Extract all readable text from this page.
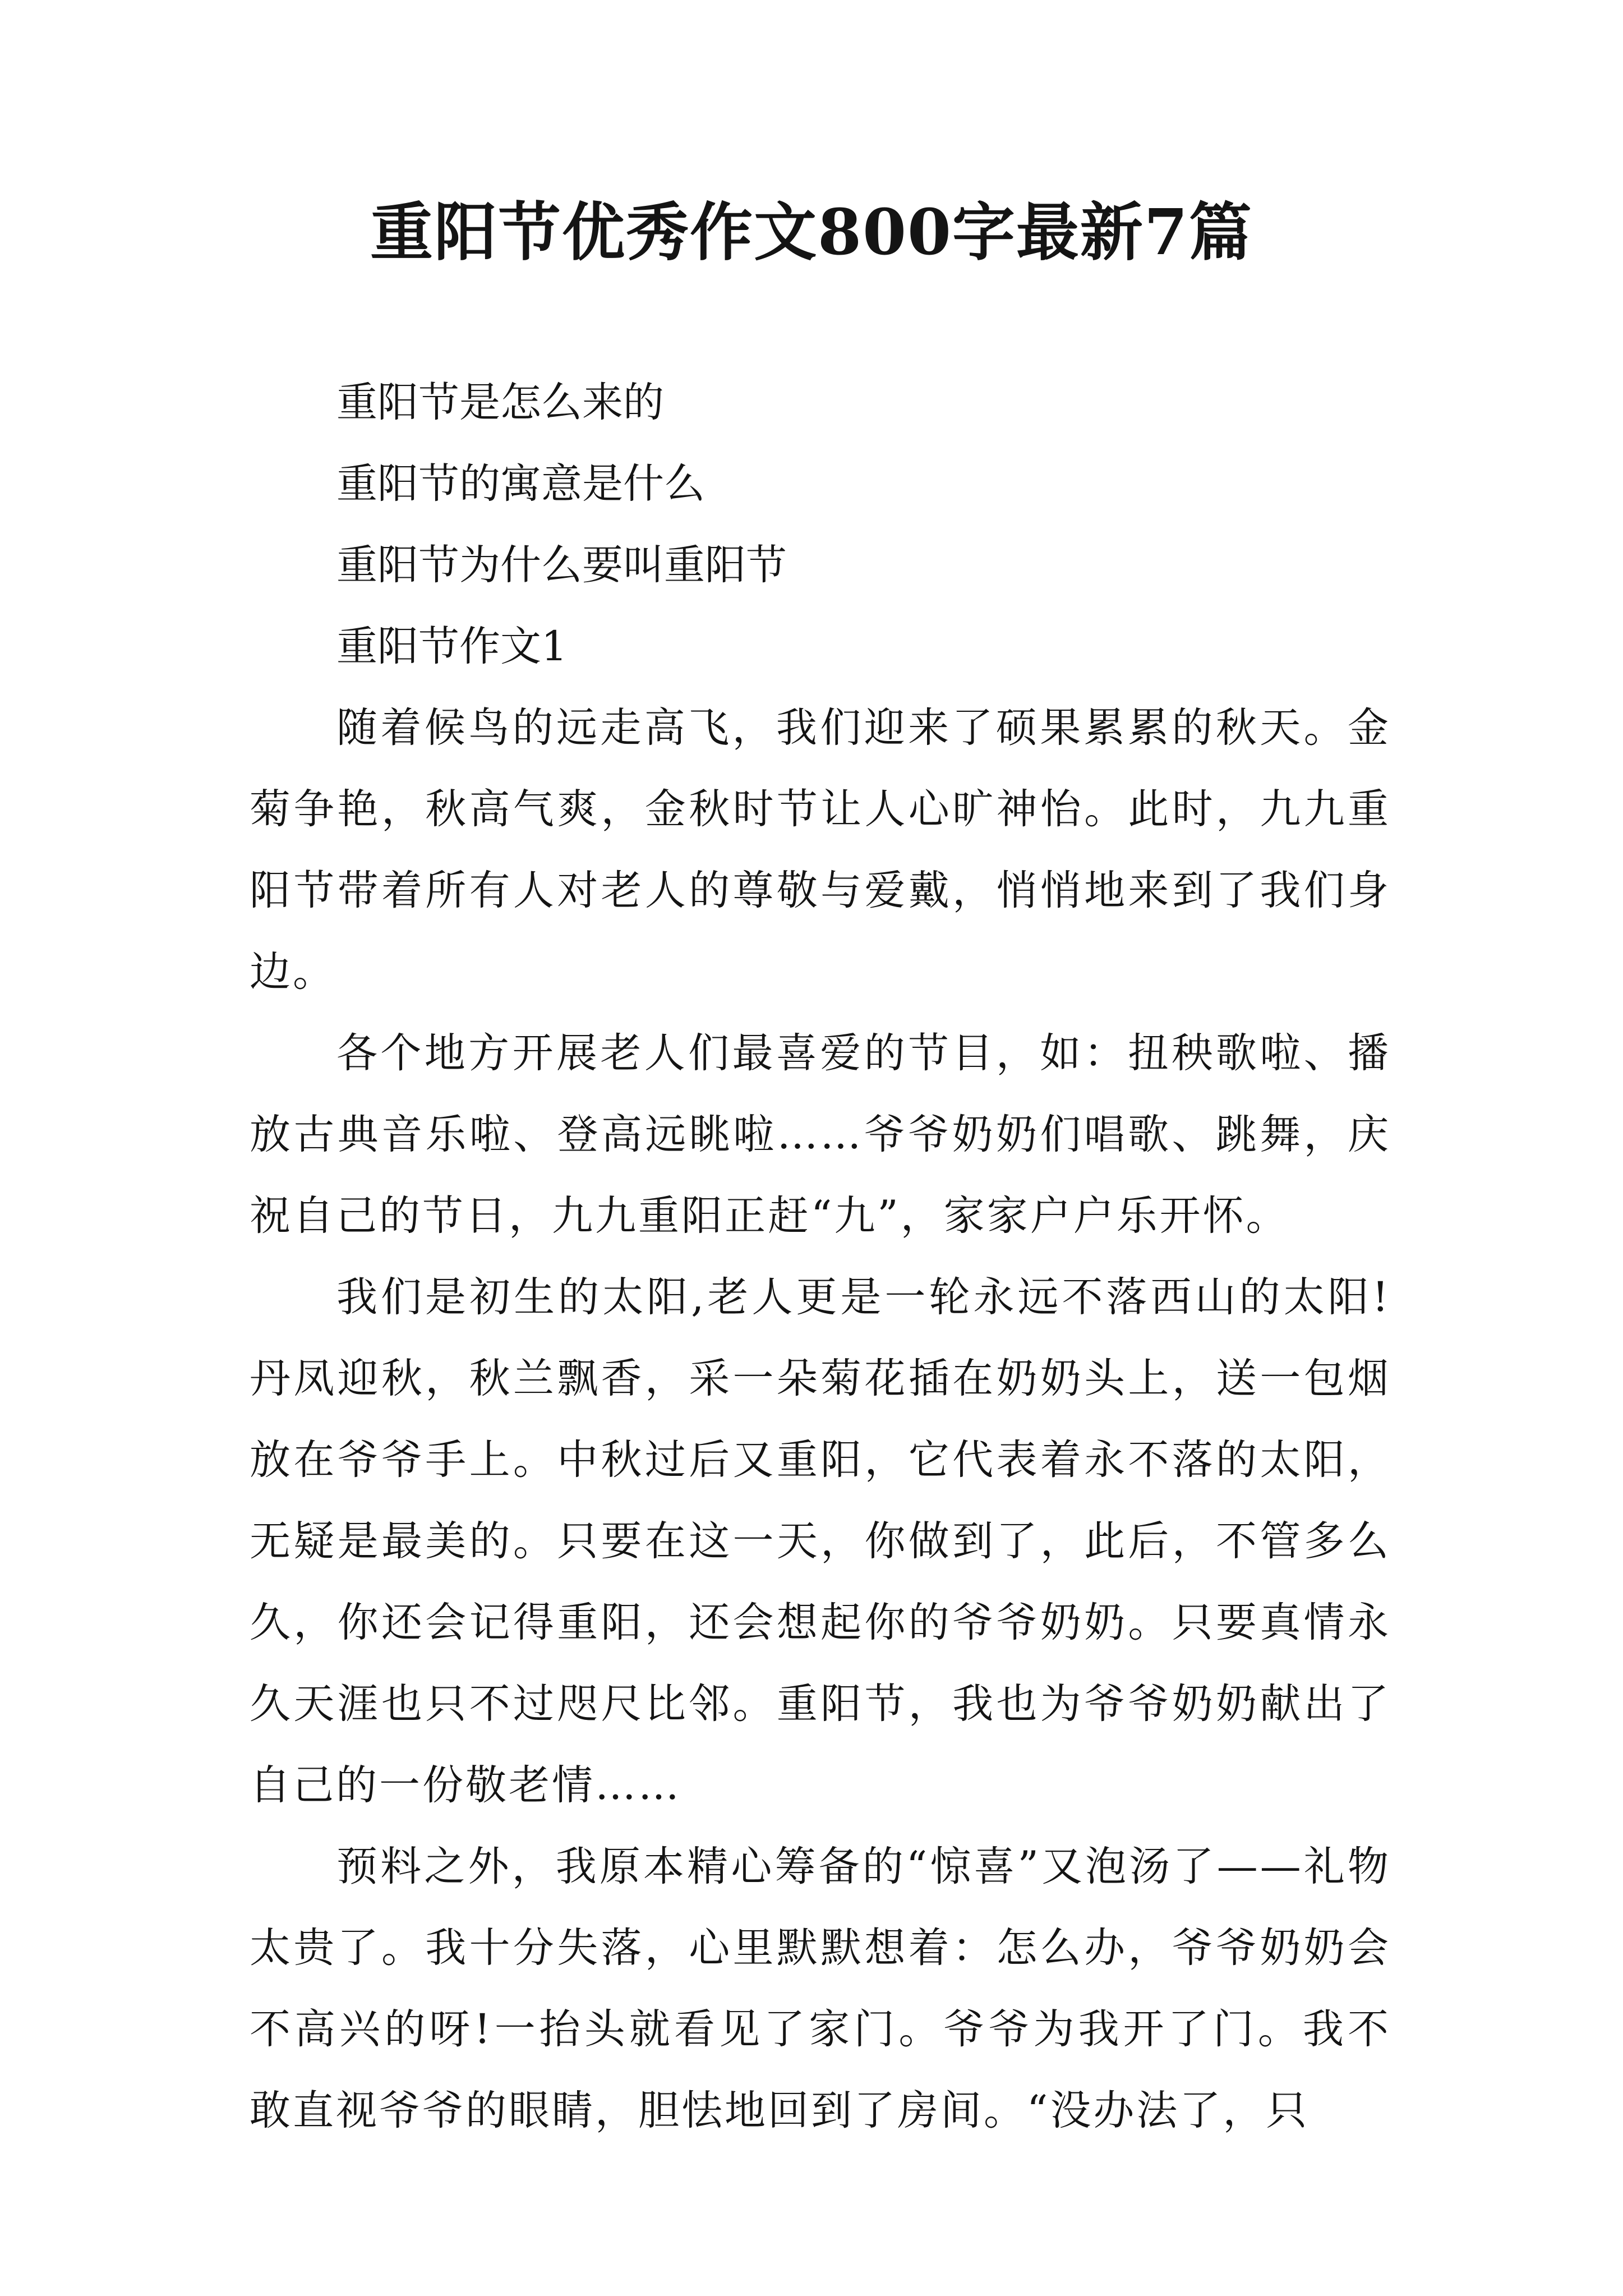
重阳节优秀作文800字最新7篇

重阳节是怎么来的

重阳节的寓意是什么

重阳节为什么要叫重阳节

重阳节作文1

随着候鸟的远走高飞，我们迎来了硕果累累的秋天。金菊争艳，秋高气爽，金秋时节让人心旷神怡。此时，九九重阳节带着所有人对老人的尊敬与爱戴，悄悄地来到了我们身边。

各个地方开展老人们最喜爱的节目，如：扭秧歌啦、播放古典音乐啦、登高远眺啦……爷爷奶奶们唱歌、跳舞，庆祝自己的节日，九九重阳正赶“九”，家家户户乐开怀。

我们是初生的太阳,老人更是一轮永远不落西山的太阳!丹凤迎秋，秋兰飘香，采一朵菊花插在奶奶头上，送一包烟放在爷爷手上。中秋过后又重阳，它代表着永不落的太阳，无疑是最美的。只要在这一天，你做到了，此后，不管多么久，你还会记得重阳，还会想起你的爷爷奶奶。只要真情永久天涯也只不过咫尺比邻。重阳节，我也为爷爷奶奶献出了自己的一份敬老情……

预料之外，我原本精心筹备的“惊喜”又泡汤了——礼物太贵了。我十分失落，心里默默想着：怎么办，爷爷奶奶会不高兴的呀!一抬头就看见了家门。爷爷为我开了门。我不敢直视爷爷的眼睛，胆怯地回到了房间。“没办法了，只
